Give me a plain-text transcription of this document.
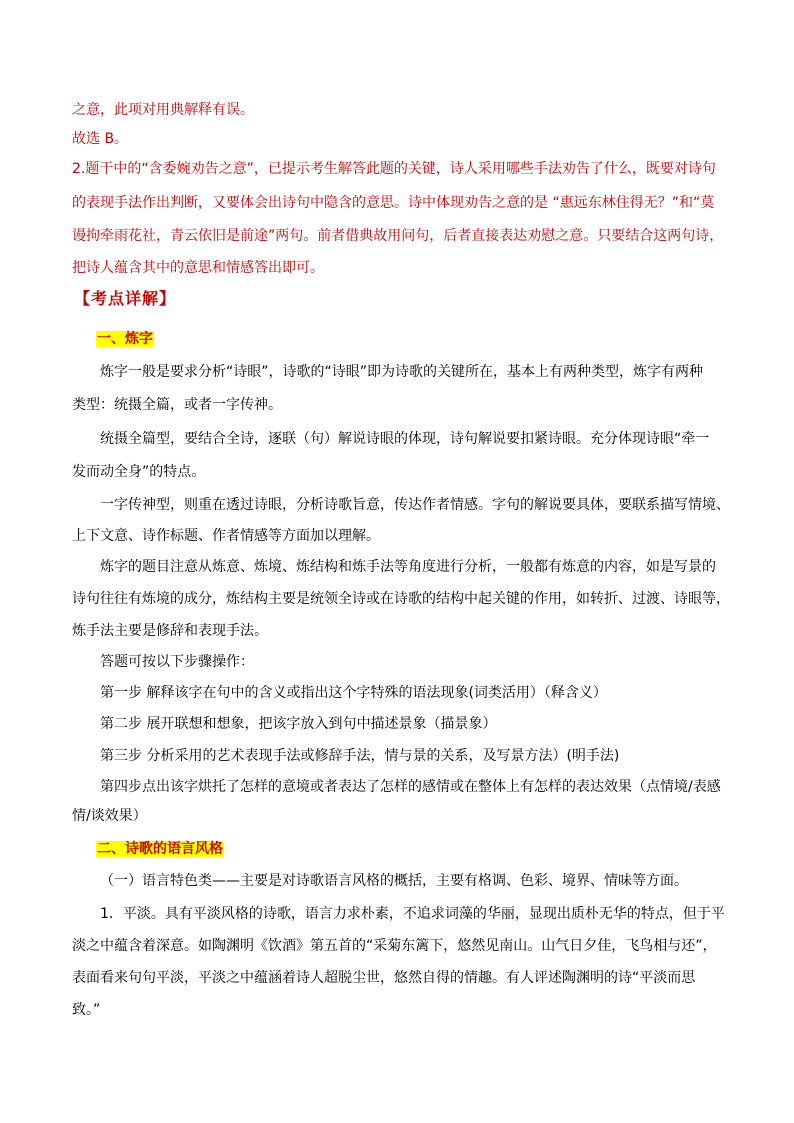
之意，此项对用典解释有误。

故选 B。

2.题干中的“含委婉劝告之意”，已提示考生解答此题的关键，诗人采用哪些手法劝告了什么，既要对诗句

的表现手法作出判断，又要体会出诗句中隐含的意思。诗中体现劝告之意的是 “惠远东林住得无？”和“莫

谩拘牵雨花社，青云依旧是前途”两句。前者借典故用问句，后者直接表达劝慰之意。只要结合这两句诗，

把诗人蕴含其中的意思和情感答出即可。

【考点详解】

一、炼字

炼字一般是要求分析“诗眼”，诗歌的“诗眼”即为诗歌的关键所在，基本上有两种类型，炼字有两种

类型：统摄全篇，或者一字传神。

统摄全篇型，要结合全诗，逐联（句）解说诗眼的体现，诗句解说要扣紧诗眼。充分体现诗眼“牵一

发而动全身”的特点。

一字传神型，则重在透过诗眼，分析诗歌旨意，传达作者情感。字句的解说要具体，要联系描写情境、

上下文意、诗作标题、作者情感等方面加以理解。

炼字的题目注意从炼意、炼境、炼结构和炼手法等角度进行分析，一般都有炼意的内容，如是写景的

诗句往往有炼境的成分，炼结构主要是统领全诗或在诗歌的结构中起关键的作用，如转折、过渡、诗眼等，

炼手法主要是修辞和表现手法。

答题可按以下步骤操作：

第一步 解释该字在句中的含义或指出这个字特殊的语法现象(词类活用）（释含义）

第二步 展开联想和想象，把该字放入到句中描述景象（描景象）

第三步 分析采用的艺术表现手法或修辞手法，情与景的关系，及写景方法）(明手法)

第四步点出该字烘托了怎样的意境或者表达了怎样的感情或在整体上有怎样的表达效果（点情境/表感

情/谈效果）

二、诗歌的语言风格

（一）语言特色类——主要是对诗歌语言风格的概括，主要有格调、色彩、境界、情味等方面。

1．平淡。具有平淡风格的诗歌，语言力求朴素，不追求词藻的华丽，显现出质朴无华的特点，但于平

淡之中蕴含着深意。如陶渊明《饮酒》第五首的“采菊东篱下，悠然见南山。山气日夕佳，飞鸟相与还”，

表面看来句句平淡，平淡之中蕴涵着诗人超脱尘世，悠然自得的情趣。有人评述陶渊明的诗“平淡而思

致。”
